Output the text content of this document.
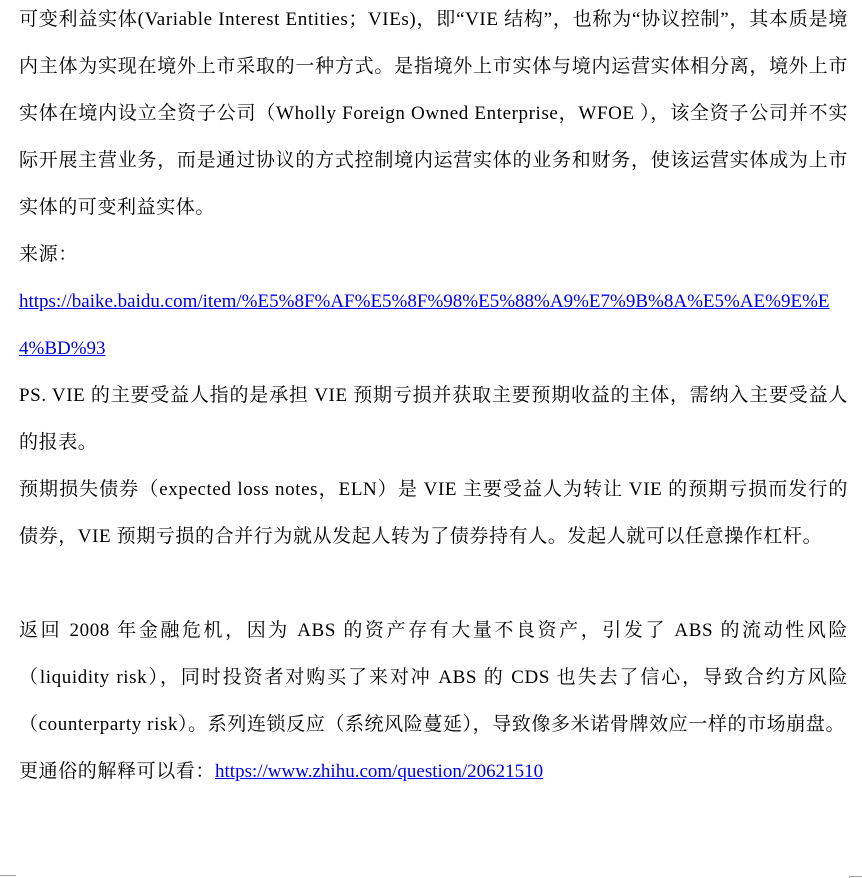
可变利益实体(Variable Interest Entities；VIEs)，即“VIE 结构”，也称为“协议控制”，其本质是境内主体为实现在境外上市采取的一种方式。是指境外上市实体与境内运营实体相分离，境外上市实体在境内设立全资子公司（Wholly Foreign Owned Enterprise，WFOE ），该全资子公司并不实际开展主营业务，而是通过协议的方式控制境内运营实体的业务和财务，使该运营实体成为上市实体的可变利益实体。

来源：

https://baike.baidu.com/item/%E5%8F%AF%E5%8F%98%E5%88%A9%E7%9B%8A%E5%AE%9E%E4%BD%93

PS. VIE 的主要受益人指的是承担 VIE 预期亏损并获取主要预期收益的主体，需纳入主要受益人的报表。

预期损失债券（expected loss notes，ELN）是 VIE 主要受益人为转让 VIE 的预期亏损而发行的债券，VIE 预期亏损的合并行为就从发起人转为了债券持有人。发起人就可以任意操作杠杆。

返回 2008 年金融危机，因为 ABS 的资产存有大量不良资产，引发了 ABS 的流动性风险（liquidity risk），同时投资者对购买了来对冲 ABS 的 CDS 也失去了信心，导致合约方风险（counterparty risk）。系列连锁反应（系统风险蔓延），导致像多米诺骨牌效应一样的市场崩盘。

更通俗的解释可以看：https://www.zhihu.com/question/20621510
